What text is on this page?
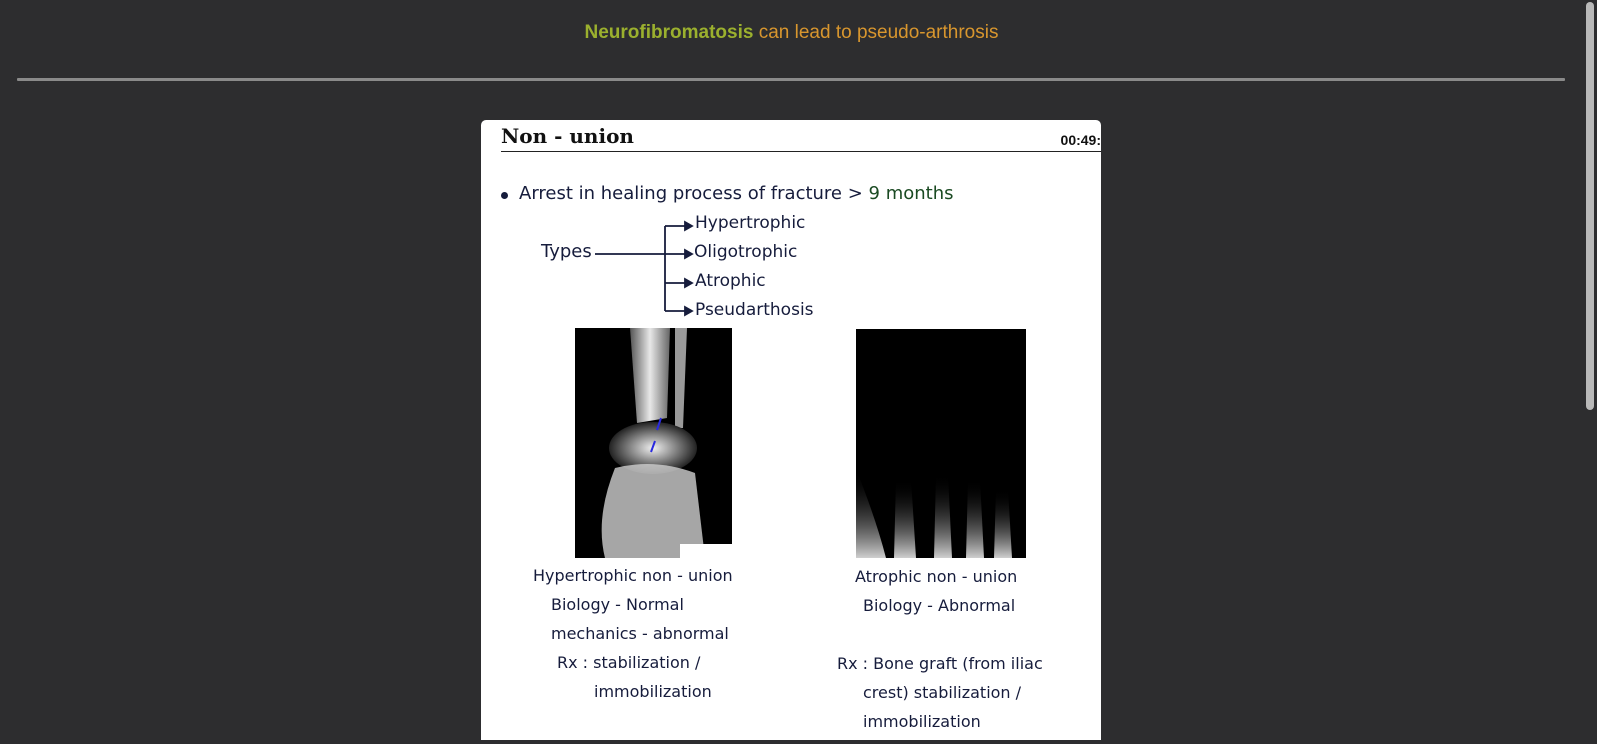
Neurofibromatosis can lead to pseudo-arthrosis
Non - union	00:49:
Arrest in healing process of fracture > 9 months
Types
Hypertrophic
Oligotrophic
Atrophic
Pseudarthosis
Hypertrophic non - union
Biology - Normal
mechanics - abnormal
Rx : stabilization /
immobilization
Atrophic non - union
Biology - Abnormal
Rx : Bone graft (from iliac
crest) stabilization /
immobilization
